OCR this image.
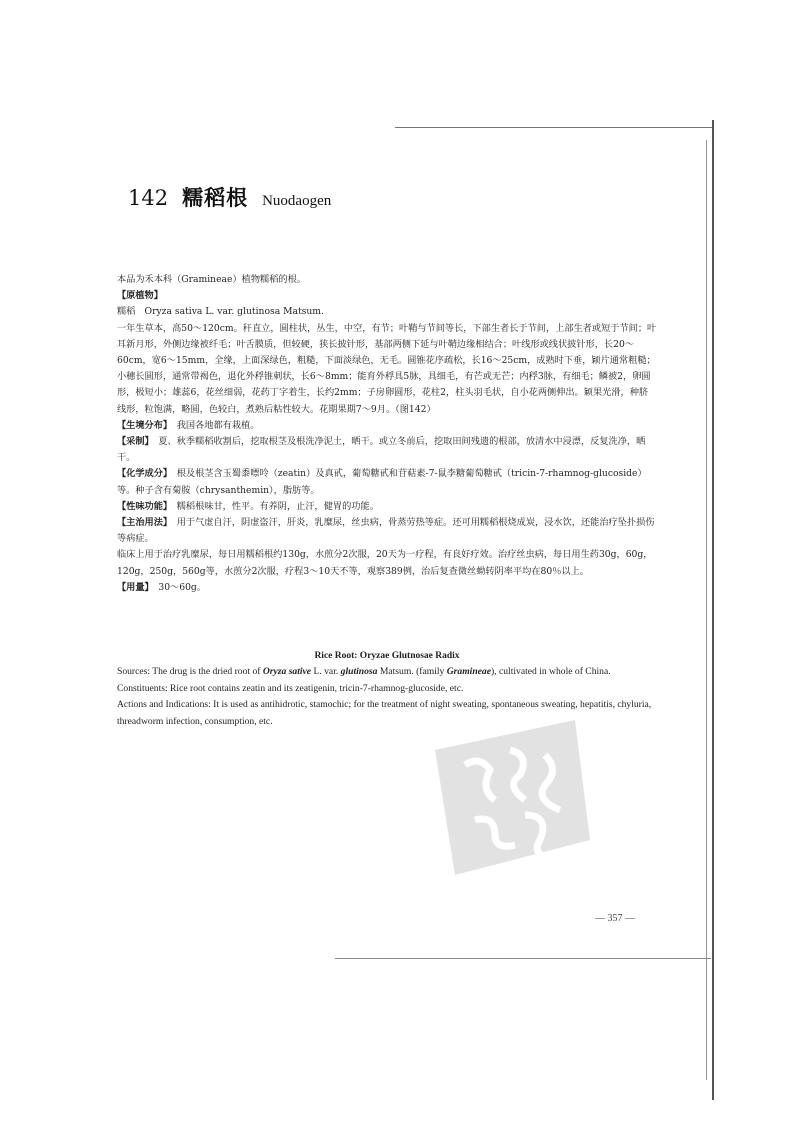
142 糯稻根 Nuodaogen

本品为禾本科（Gramineae）植物糯稻的根。

【原植物】

糯稻　Oryza sativa L. var. glutinosa Matsum.

一年生草本，高50～120cm。秆直立，圆柱状，丛生，中空，有节；叶鞘与节间等长，下部生者长于节间，上部生者或短于节间；叶耳新月形，外侧边缘被纤毛；叶舌膜质，但较硬，狭长披针形，基部两侧下延与叶鞘边缘相结合；叶线形或线状披针形，长20～60cm，宽6～15mm，全缘，上面深绿色，粗糙，下面淡绿色，无毛。圆锥花序疏松，长16～25cm，成熟时下垂，颖片通常粗糙；小穗长圆形，通常带褐色，退化外稃锥刺状，长6～8mm；能育外稃具5脉，具细毛，有芒或无芒；内稃3脉，有细毛；鳞被2，卵圆形，极短小；雄蕊6，花丝细弱，花药丁字着生，长约2mm；子房卵圆形，花柱2，柱头羽毛状，自小花两侧伸出。颖果光滑，种脐线形，粒饱满，略圆，色较白，煮熟后粘性较大。花期果期7～9月。（图142）

【生境分布】　 我国各地都有栽植。

【采制】　 夏、秋季糯稻收割后，挖取根茎及根洗净泥土，晒干。或立冬前后，挖取田间残遗的根部，放清水中浸漂，反复洗净，晒干。

【化学成分】　 根及根茎含玉蜀黍嘌呤（zeatin）及真甙，葡萄糖甙和苷萜素-7-鼠李糖葡萄糖甙（tricin-7-rhamnog-glucoside）等。种子含有菊胺（chrysanthemin），脂肪等。

【性味功能】　 糯稻根味甘，性平。有养阴，止汗，健胃的功能。

【主治用法】　 用于气虚自汗，阴虚盗汗，肝炎，乳糜尿，丝虫病，骨蒸劳热等症。还可用糯稻根烧成炭，浸水饮，还能治疗坠扑损伤等病症。

临床上用于治疗乳糜尿，每日用糯稻根约130g，水煎分2次服，20天为一疗程，有良好疗效。治疗丝虫病，每日用生药30g，60g，120g，250g，560g等，水煎分2次服，疗程3～10天不等，观察389例，治后复查微丝蚴转阴率平均在80％以上。

【用量】　 30～60g。

Rice Root: Oryzae Glutnosae Radix

Sources: The drug is the dried root of Oryza sative L. var. glutinosa Matsum. (family Gramineae), cultivated in whole of China.

Constituents: Rice root contains zeatin and its zeatigenin, tricin-7-rhamnog-glucoside, etc.

Actions and Indications: It is used as antihidrotic, stamochic; for the treatment of night sweating, spontaneous sweating, hepatitis, chyluria, threadworm infection, consumption, etc.

— 357 —
